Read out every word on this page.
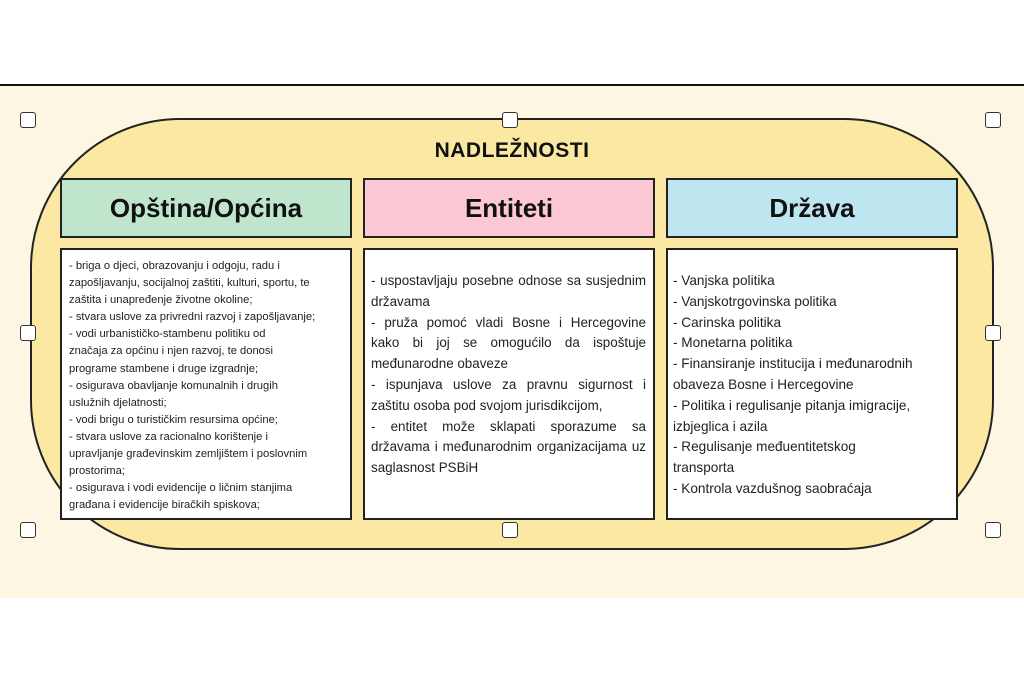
NADLEŽNOSTI
Opština/Općina	Entiteti	Država
- briga o djeci, obrazovanju i odgoju, radu i
zapošljavanju, socijalnoj zaštiti, kulturi, sportu, te
zaštita i unapređenje životne okoline;
- stvara uslove za privredni razvoj i zapošljavanje;
- vodi urbanističko-stambenu politiku od
značaja za općinu i njen razvoj, te donosi
programe stambene i druge izgradnje;
- osigurava obavljanje komunalnih i drugih
uslužnih djelatnosti;
- vodi brigu o turističkim resursima općine;
- stvara uslove za racionalno korištenje i
upravljanje građevinskim zemljištem i poslovnim
prostorima;
- osigurava i vodi evidencije o ličnim stanjima
građana i evidencije biračkih spiskova;
- uspostavljaju posebne odnose sa susjednim državama
- pruža pomoć vladi Bosne i Hercegovine kako bi joj se omogućilo da ispoštuje međunarodne obaveze
- ispunjava uslove za pravnu sigurnost i zaštitu osoba pod svojom jurisdikcijom,
- entitet može sklapati sporazume sa državama i međunarodnim organizacijama uz saglasnost PSBiH
- Vanjska politika
- Vanjskotrgovinska politika
- Carinska politika
- Monetarna politika
- Finansiranje institucija i međunarodnih
obaveza Bosne i Hercegovine
- Politika i regulisanje pitanja imigracije,
izbjeglica i azila
- Regulisanje međuentitetskog
transporta
- Kontrola vazdušnog saobraćaja
